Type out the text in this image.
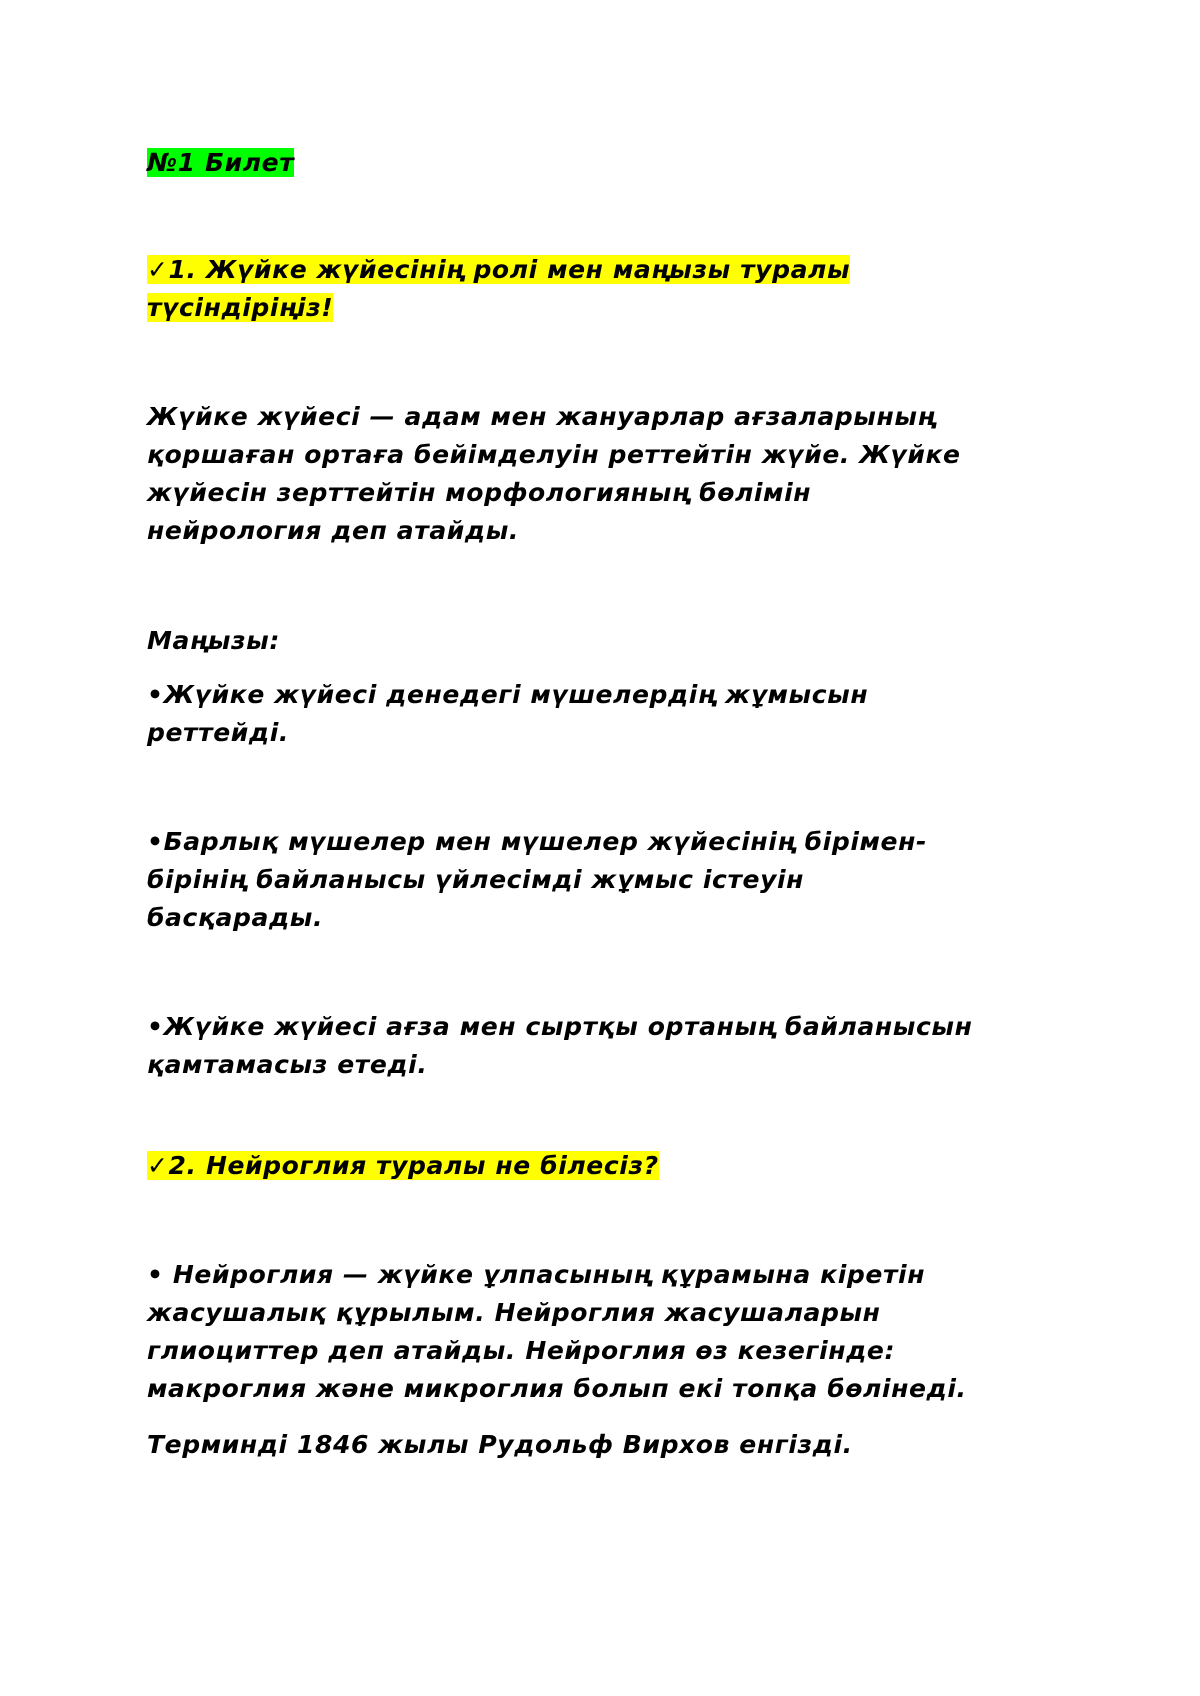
№1 Билет
✓1. Жүйке жүйесінің ролі мен маңызы туралы
түсіндіріңіз!
Жүйке жүйесі — адам мен жануарлар ағзаларының
қоршаған ортаға бейімделуін реттейтін жүйе. Жүйке
жүйесін зерттейтін морфологияның бөлімін
нейрология деп атайды.
Маңызы:
•Жүйке жүйесі денедегі мүшелердің жұмысын
реттейді.
•Барлық мүшелер мен мүшелер жүйесінің бірімен-
бірінің байланысы үйлесімді жұмыс істеуін
басқарады.
•Жүйке жүйесі ағза мен сыртқы ортаның байланысын
қамтамасыз етеді.
✓2. Нейроглия туралы не білесіз?
• Нейроглия — жүйке ұлпасының құрамына кіретін
жасушалық құрылым. Нейроглия жасушаларын
глиоциттер деп атайды. Нейроглия өз кезегінде:
макроглия және микроглия болып екі топқа бөлінеді.
Терминді 1846 жылы Рудольф Вирхов енгізді.
